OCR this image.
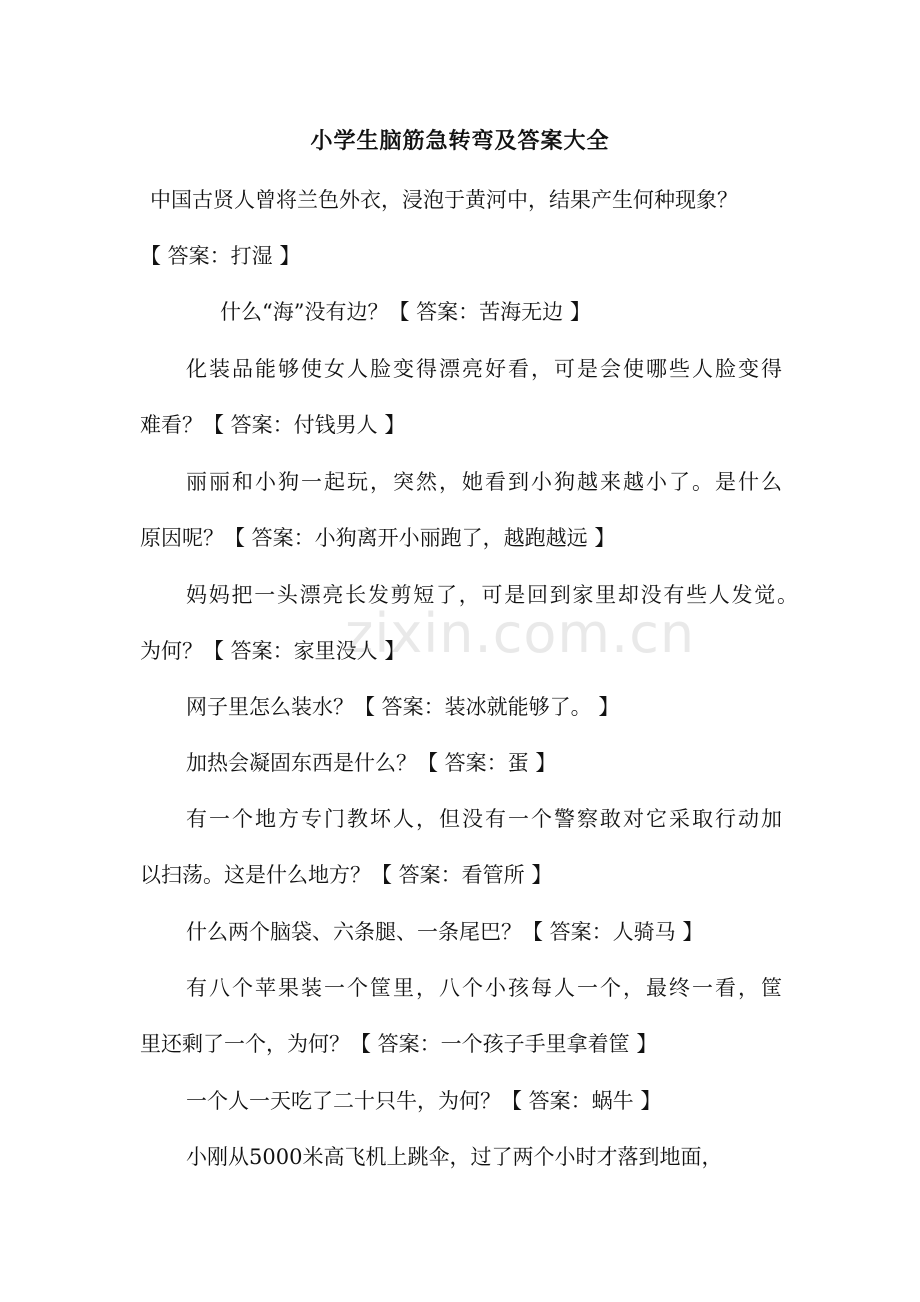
小学生脑筋急转弯及答案大全

中国古贤人曾将兰色外衣，浸泡于黄河中，结果产生何种现象？

【 答案：打湿 】

什么“海”没有边？【 答案：苦海无边 】

化装品能够使女人脸变得漂亮好看，可是会使哪些人脸变得

难看？【 答案：付钱男人 】

丽丽和小狗一起玩，突然，她看到小狗越来越小了。是什么

原因呢？【 答案：小狗离开小丽跑了，越跑越远 】

妈妈把一头漂亮长发剪短了，可是回到家里却没有些人发觉。

为何？【 答案：家里没人 】

网子里怎么装水？【 答案：装冰就能够了。 】

加热会凝固东西是什么？【 答案：蛋 】

有一个地方专门教坏人，但没有一个警察敢对它采取行动加

以扫荡。这是什么地方？【 答案：看管所 】

什么两个脑袋、六条腿、一条尾巴？【 答案：人骑马 】

有八个苹果装一个筐里，八个小孩每人一个，最终一看，筐

里还剩了一个，为何？【 答案：一个孩子手里拿着筐 】

一个人一天吃了二十只牛，为何？【 答案：蜗牛 】

小刚从5000米高飞机上跳伞，过了两个小时才落到地面，

zixin.com.cn
